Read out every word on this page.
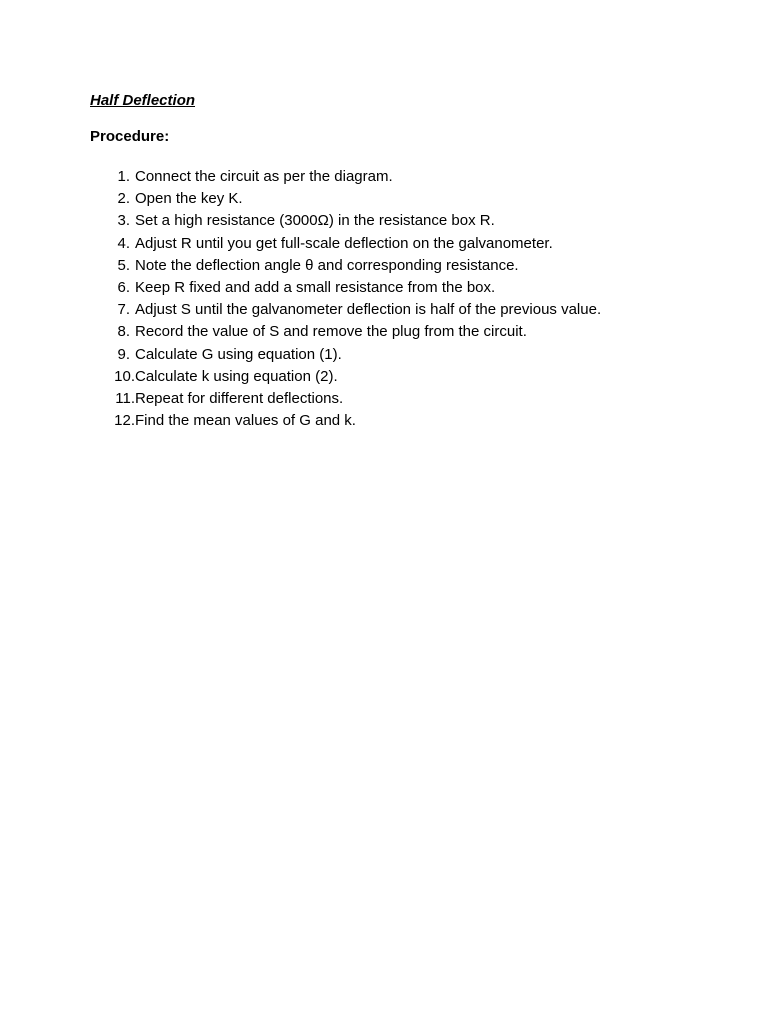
Half Deflection
Procedure:
1. Connect the circuit as per the diagram.
2. Open the key K.
3. Set a high resistance (3000Ω) in the resistance box R.
4. Adjust R until you get full-scale deflection on the galvanometer.
5. Note the deflection angle θ and corresponding resistance.
6. Keep R fixed and add a small resistance from the box.
7. Adjust S until the galvanometer deflection is half of the previous value.
8. Record the value of S and remove the plug from the circuit.
9. Calculate G using equation (1).
10.Calculate k using equation (2).
11.Repeat for different deflections.
12.Find the mean values of G and k.
